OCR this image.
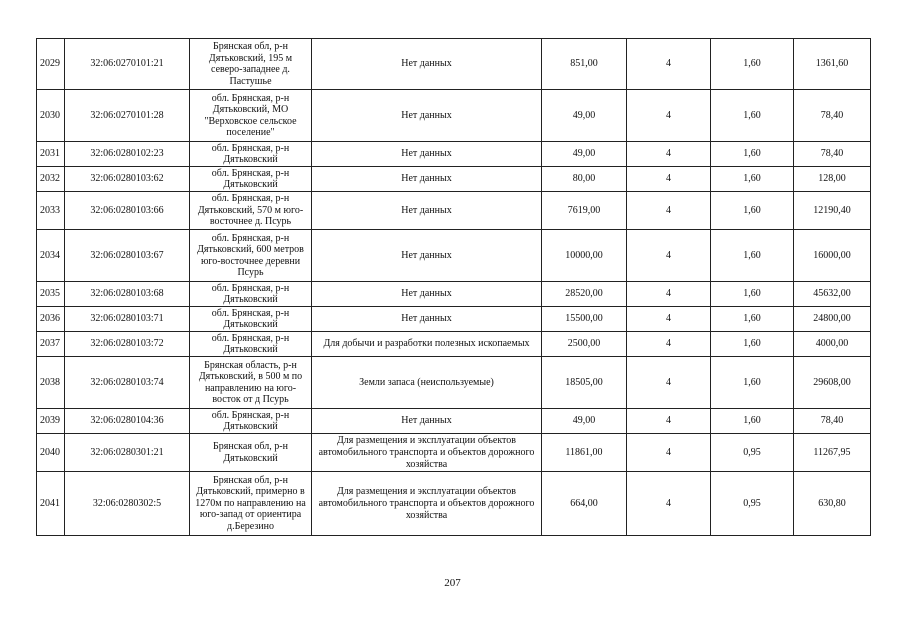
2029	32:06:0270101:21	Брянская обл, р-н Дятьковский, 195 м северо-западнее д. Пастушье	Нет данных	851,00	4	1,60	1361,60
2030	32:06:0270101:28	обл. Брянская, р-н Дятьковский, МО "Верховское сельское поселение"	Нет данных	49,00	4	1,60	78,40
2031	32:06:0280102:23	обл. Брянская, р-н Дятьковский	Нет данных	49,00	4	1,60	78,40
2032	32:06:0280103:62	обл. Брянская, р-н Дятьковский	Нет данных	80,00	4	1,60	128,00
2033	32:06:0280103:66	обл. Брянская, р-н Дятьковский, 570 м юго-восточнее д. Псурь	Нет данных	7619,00	4	1,60	12190,40
2034	32:06:0280103:67	обл. Брянская, р-н Дятьковский, 600 метров юго-восточнее деревни Псурь	Нет данных	10000,00	4	1,60	16000,00
2035	32:06:0280103:68	обл. Брянская, р-н Дятьковский	Нет данных	28520,00	4	1,60	45632,00
2036	32:06:0280103:71	обл. Брянская, р-н Дятьковский	Нет данных	15500,00	4	1,60	24800,00
2037	32:06:0280103:72	обл. Брянская, р-н Дятьковский	Для добычи и разработки полезных ископаемых	2500,00	4	1,60	4000,00
2038	32:06:0280103:74	Брянская область, р-н Дятьковский, в 500 м по направлению на юго-восток от д Псурь	Земли запаса (неиспользуемые)	18505,00	4	1,60	29608,00
2039	32:06:0280104:36	обл. Брянская, р-н Дятьковский	Нет данных	49,00	4	1,60	78,40
2040	32:06:0280301:21	Брянская обл, р-н Дятьковский	Для размещения и эксплуатации объектов автомобильного транспорта и объектов дорожного хозяйства	11861,00	4	0,95	11267,95
2041	32:06:0280302:5	Брянская обл, р-н Дятьковский, примерно в 1270м по направлению на юго-запад от ориентира д.Березино	Для размещения и эксплуатации объектов автомобильного транспорта и объектов дорожного хозяйства	664,00	4	0,95	630,80
207
